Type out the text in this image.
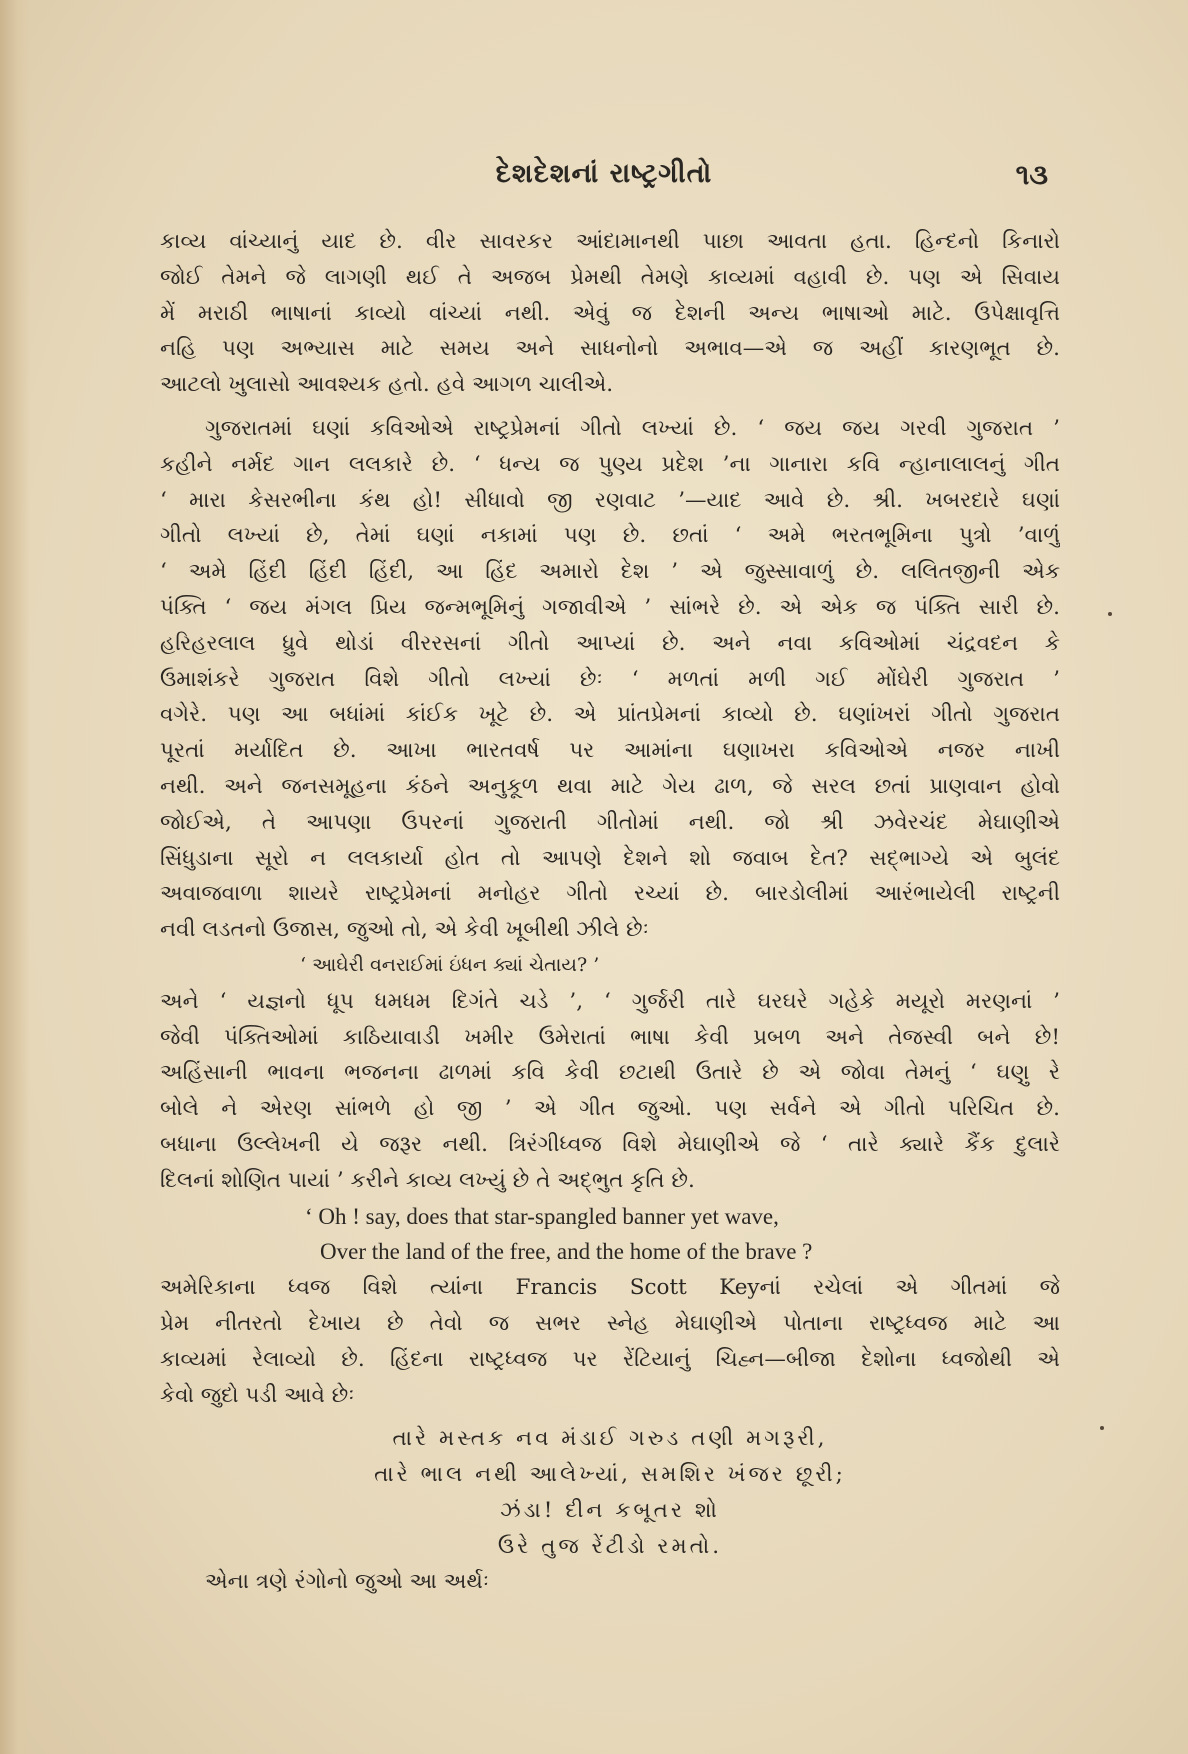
દેશદેશનાં રાષ્ટ્રગીતો	૧૩
કાવ્ય વાંચ્યાનું યાદ છે. વીર સાવરકર આંદામાનથી પાછા આવતા હતા. હિન્દનો કિનારો
જોઈ તેમને જે લાગણી થઈ તે અજબ પ્રેમથી તેમણે કાવ્યમાં વહાવી છે. પણ એ સિવાય
મેં મરાઠી ભાષાનાં કાવ્યો વાંચ્યાં નથી. એવું જ દેશની અન્ય ભાષાઓ માટે. ઉપેક્ષાવૃત્તિ
નહિ પણ અભ્યાસ માટે સમય અને સાધનોનો અભાવ—એ જ અહીં કારણભૂત છે.
આટલો ખુલાસો આવશ્યક હતો. હવે આગળ ચાલીએ.
ગુજરાતમાં ઘણાં કવિઓએ રાષ્ટ્રપ્રેમનાં ગીતો લખ્યાં છે. ‘ જય જય ગરવી ગુજરાત ’
કહીને નર્મદ ગાન લલકારે છે. ‘ ધન્ય જ પુણ્ય પ્રદેશ ’ના ગાનારા કવિ ન્હાનાલાલનું ગીત
‘ મારા કેસરભીના કંથ હો! સીધાવો જી રણવાટ ’—યાદ આવે છે. શ્રી. ખબરદારે ઘણાં
ગીતો લખ્યાં છે, તેમાં ઘણાં નકામાં પણ છે. છતાં ‘ અમે ભરતભૂમિના પુત્રો ’વાળું
‘ અમે હિંદી હિંદી હિંદી, આ હિંદ અમારો દેશ ’ એ જુસ્સાવાળું છે. લલિતજીની એક
પંક્તિ ‘ જય મંગલ પ્રિય જન્મભૂમિનું ગજાવીએ ’ સાંભરે છે. એ એક જ પંક્તિ સારી છે.
હરિહરલાલ ધ્રુવે થોડાં વીરરસનાં ગીતો આપ્યાં છે. અને નવા કવિઓમાં ચંદ્રવદન કે
ઉમાશંકરે ગુજરાત વિશે ગીતો લખ્યાં છેઃ ‘ મળતાં મળી ગઈ મોંઘેરી ગુજરાત ’
વગેરે. પણ આ બધાંમાં કાંઈક ખૂટે છે. એ પ્રાંતપ્રેમનાં કાવ્યો છે. ઘણાંખરાં ગીતો ગુજરાત
પૂરતાં મર્યાદિત છે. આખા ભારતવર્ષ પર આમાંના ઘણાખરા કવિઓએ નજર નાખી
નથી. અને જનસમૂહના કંઠને અનુકૂળ થવા માટે ગેય ઢાળ, જે સરલ છતાં પ્રાણવાન હોવો
જોઈએ, તે આપણા ઉપરનાં ગુજરાતી ગીતોમાં નથી. જો શ્રી ઝવેરચંદ મેઘાણીએ
સિંધુડાના સૂરો ન લલકાર્યા હોત તો આપણે દેશને શો જવાબ દેત? સદ્‌ભાગ્યે એ બુલંદ
અવાજવાળા શાયરે રાષ્ટ્રપ્રેમનાં મનોહર ગીતો રચ્યાં છે. બારડોલીમાં આરંભાયેલી રાષ્ટ્રની
નવી લડતનો ઉજાસ, જુઓ તો, એ કેવી ખૂબીથી ઝીલે છેઃ
‘ આઘેરી વનરાઈમાં ઇંધન ક્યાં ચેતાય? ’
અને ‘ યજ્ઞનો ધૂપ ધમધમ દિગંતે ચડે ’, ‘ ગુર્જરી તારે ઘરઘરે ગહેકે મયૂરો મરણનાં ’
જેવી પંક્તિઓમાં કાઠિયાવાડી ખમીર ઉમેરાતાં ભાષા કેવી પ્રબળ અને તેજસ્વી બને છે!
અહિંસાની ભાવના ભજનના ઢાળમાં કવિ કેવી છટાથી ઉતારે છે એ જોવા તેમનું ‘ ઘણુ રે
બોલે ને એરણ સાંભળે હો જી ’ એ ગીત જુઓ. પણ સર્વને એ ગીતો પરિચિત છે.
બધાના ઉલ્લેખની યે જરૂર નથી. ત્રિરંગીધ્વજ વિશે મેઘાણીએ જે ‘ તારે ક્યારે કૈંક દુલારે
દિલનાં શોણિત પાયાં ’ કરીને કાવ્ય લખ્યું છે તે અદ્‌ભુત કૃતિ છે.
‘ Oh ! say, does that star-spangled banner yet wave,
Over the land of the free, and the home of the brave ?
અમેરિકાના ધ્વજ વિશે ત્યાંના Francis Scott Keyનાં રચેલાં એ ગીતમાં જે
પ્રેમ નીતરતો દેખાય છે તેવો જ સભર સ્નેહ મેઘાણીએ પોતાના રાષ્ટ્રધ્વજ માટે આ
કાવ્યમાં રેલાવ્યો છે. હિંદના રાષ્ટ્રધ્વજ પર રેંટિયાનું ચિહ્ન—બીજા દેશોના ધ્વજોથી એ
કેવો જુદો પડી આવે છેઃ
તારે મસ્તક નવ મંડાઈ ગરુડ તણી મગરૂરી,
તારે ભાલ નથી આલેખ્યાં, સમશિર ખંજર છૂરી;
ઝંડા! દીન કબૂતર શો
ઉરે તુજ રેંટીડો રમતો.
એના ત્રણે રંગોનો જુઓ આ અર્થઃ
